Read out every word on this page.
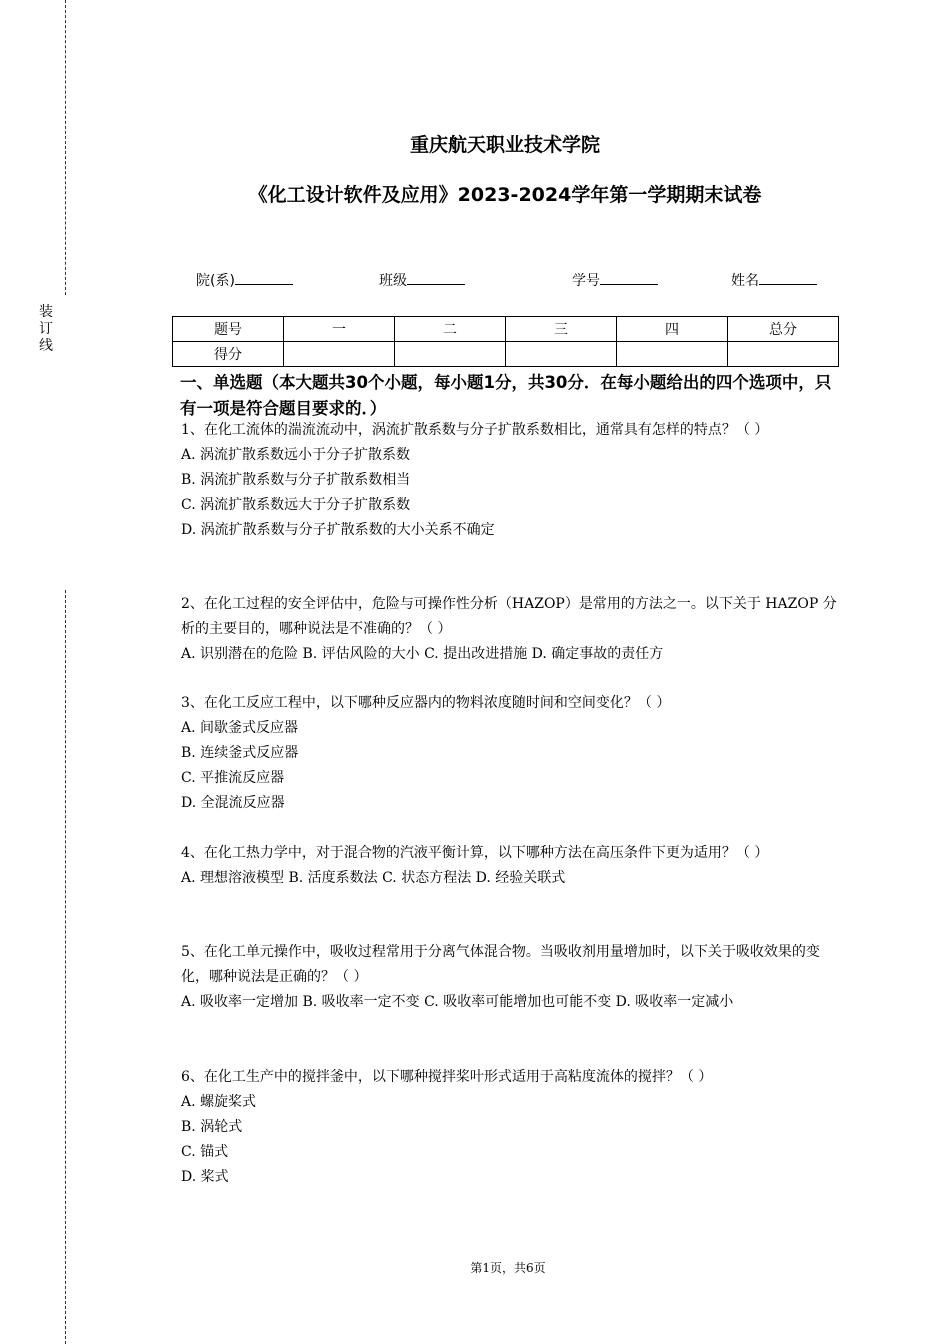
装
订
线
重庆航天职业技术学院
《化工设计软件及应用》2023-2024学年第一学期期末试卷
院(系)	班级	学号	姓名
题号	一	二	三	四	总分
得分					
一、单选题（本大题共30个小题，每小题1分，共30分．在每小题给出的四个选项中，只有一项是符合题目要求的．）

1、在化工流体的湍流流动中，涡流扩散系数与分子扩散系数相比，通常具有怎样的特点？（ ）

A. 涡流扩散系数远小于分子扩散系数

B. 涡流扩散系数与分子扩散系数相当

C. 涡流扩散系数远大于分子扩散系数

D. 涡流扩散系数与分子扩散系数的大小关系不确定

2、在化工过程的安全评估中，危险与可操作性分析（HAZOP）是常用的方法之一。以下关于 HAZOP 分析的主要目的，哪种说法是不准确的？（ ）

A. 识别潜在的危险 B. 评估风险的大小 C. 提出改进措施 D. 确定事故的责任方

3、在化工反应工程中，以下哪种反应器内的物料浓度随时间和空间变化？（ ）

A. 间歇釜式反应器

B. 连续釜式反应器

C. 平推流反应器

D. 全混流反应器

4、在化工热力学中，对于混合物的汽液平衡计算，以下哪种方法在高压条件下更为适用？（ ）

A. 理想溶液模型 B. 活度系数法 C. 状态方程法 D. 经验关联式

5、在化工单元操作中，吸收过程常用于分离气体混合物。当吸收剂用量增加时，以下关于吸收效果的变化，哪种说法是正确的？（ ）

A. 吸收率一定增加 B. 吸收率一定不变 C. 吸收率可能增加也可能不变 D. 吸收率一定减小

6、在化工生产中的搅拌釜中，以下哪种搅拌桨叶形式适用于高粘度流体的搅拌？（ ）

A. 螺旋桨式

B. 涡轮式

C. 锚式

D. 桨式

第1页，共6页
